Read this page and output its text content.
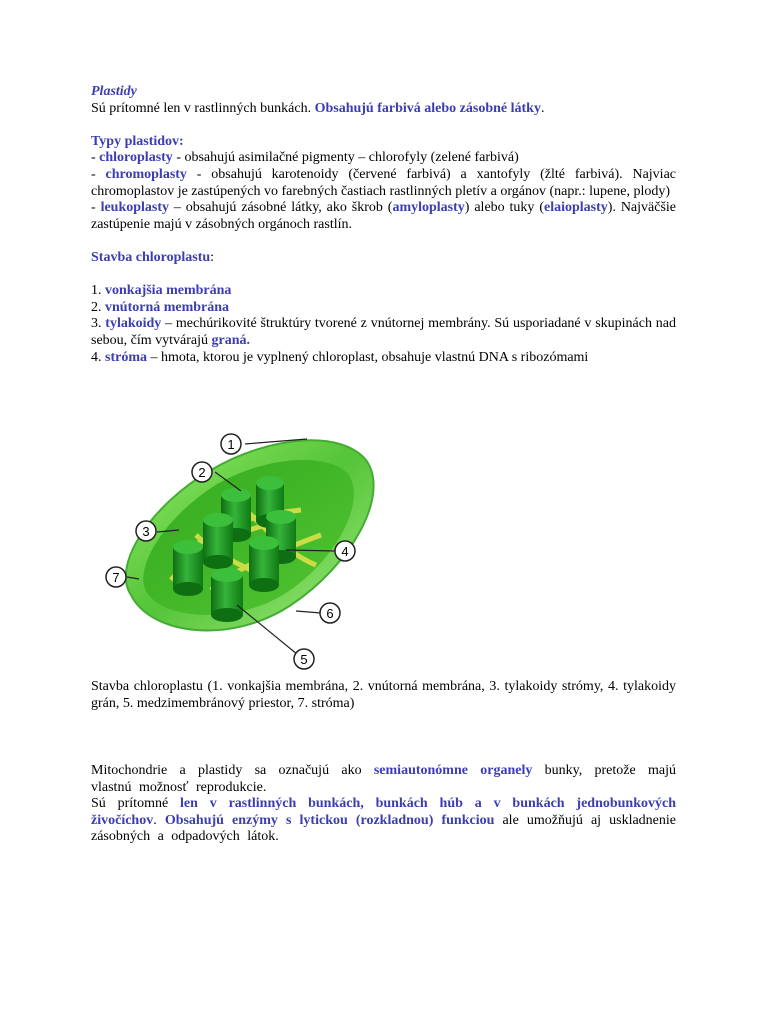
Plastidy

Sú prítomné len v rastlinných bunkách. Obsahujú farbivá alebo zásobné látky.

Typy plastidov:

- chloroplasty - obsahujú asimilačné pigmenty – chlorofyly (zelené farbivá)

- chromoplasty - obsahujú karotenoidy (červené farbivá) a xantofyly (žlté farbivá). Najviac chromoplastov je zastúpených vo farebných častiach rastlinných pletív a orgánov (napr.: lupene, plody)

- leukoplasty – obsahujú zásobné látky, ako škrob (amyloplasty) alebo tuky (elaioplasty). Najväčšie zastúpenie majú v zásobných orgánoch rastlín.

Stavba chloroplastu:

1. vonkajšia membrána

2. vnútorná membrána

3. tylakoidy – mechúrikovité štruktúry tvorené z vnútornej membrány. Sú usporiadané v skupinách nad sebou, čím vytvárajú graná.

4. stróma – hmota, ktorou je vyplnený chloroplast, obsahuje vlastnú DNA s ribozómami

1
2
3
4
5
6
7

Stavba chloroplastu (1. vonkajšia membrána, 2. vnútorná membrána, 3. tylakoidy strómy, 4. tylakoidy grán, 5. medzimembránový priestor, 7. stróma)

Mitochondrie a plastidy sa označujú ako semiautonómne organely bunky, pretože majú vlastnú možnosť reprodukcie.

Sú prítomné len v rastlinných bunkách, bunkách húb a v bunkách jednobunkových živočíchov. Obsahujú enzýmy s lytickou (rozkladnou) funkciou ale umožňujú aj uskladnenie zásobných a odpadových látok.
